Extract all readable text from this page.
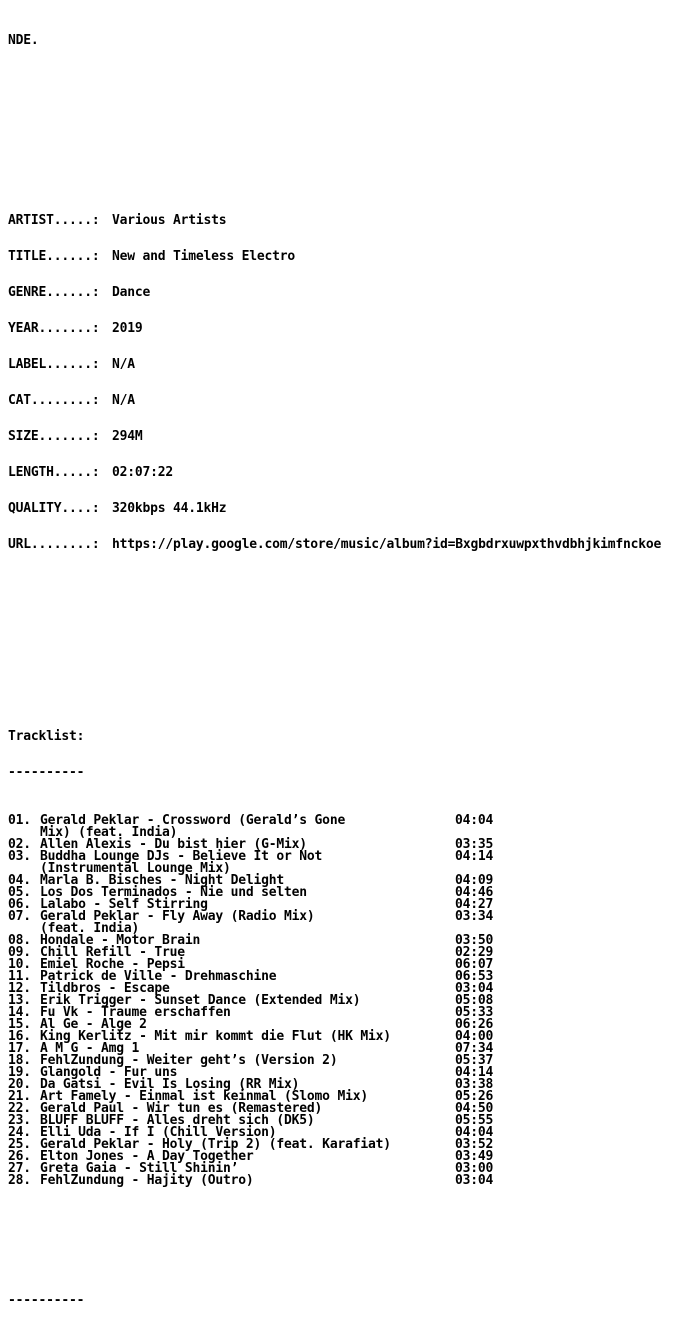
NDE.

ARTIST.....: Various Artists

TITLE......: New and Timeless Electro

GENRE......: Dance

YEAR.......: 2019

LABEL......: N/A

CAT........: N/A

SIZE.......: 294M

LENGTH.....: 02:07:22

QUALITY....: 320kbps 44.1kHz

URL........: https://play.google.com/store/music/album?id=Bxgbdrxuwpxthvdbhjkimfnckoe

Tracklist:

----------

01. Gerald Peklar - Crossword (Gerald’s Gone	04:04
Mix) (feat. India)
02. Allen Alexis - Du bist hier (G-Mix)	03:35
03. Buddha Lounge DJs - Believe It or Not	04:14
(Instrumental Lounge Mix)
04. Marla B. Bisches - Night Delight	04:09
05. Los Dos Terminados - Nie und selten	04:46
06. Lalabo - Self Stirring	04:27
07. Gerald Peklar - Fly Away (Radio Mix)	03:34
(feat. India)
08. Hondale - Motor Brain	03:50
09. Chill Refill - True	02:29
10. Emiel Roche - Pepsi	06:07
11. Patrick de Ville - Drehmaschine	06:53
12. Tildbros - Escape	03:04
13. Erik Trigger - Sunset Dance (Extended Mix)	05:08
14. Fu Vk - Traume erschaffen	05:33
15. Al Ge - Alge 2	06:26
16. King Kerlitz - Mit mir kommt die Flut (HK Mix)	04:00
17. A M G - Amg 1	07:34
18. FehlZundung - Weiter geht’s (Version 2)	05:37
19. Glangold - Fur uns	04:14
20. Da Gatsi - Evil Is Losing (RR Mix)	03:38
21. Art Famely - Einmal ist keinmal (Slomo Mix)	05:26
22. Gerald Paul - Wir tun es (Remastered)	04:50
23. BLUFF BLUFF - Alles dreht sich (DK5)	05:55
24. Elli Uda - If I (Chill Version)	04:04
25. Gerald Peklar - Holy (Trip 2) (feat. Karafiat)	03:52
26. Elton Jones - A Day Together	03:49
27. Greta Gaia - Still Shinin’	03:00
28. FehlZundung - Hajity (Outro)	03:04

----------
